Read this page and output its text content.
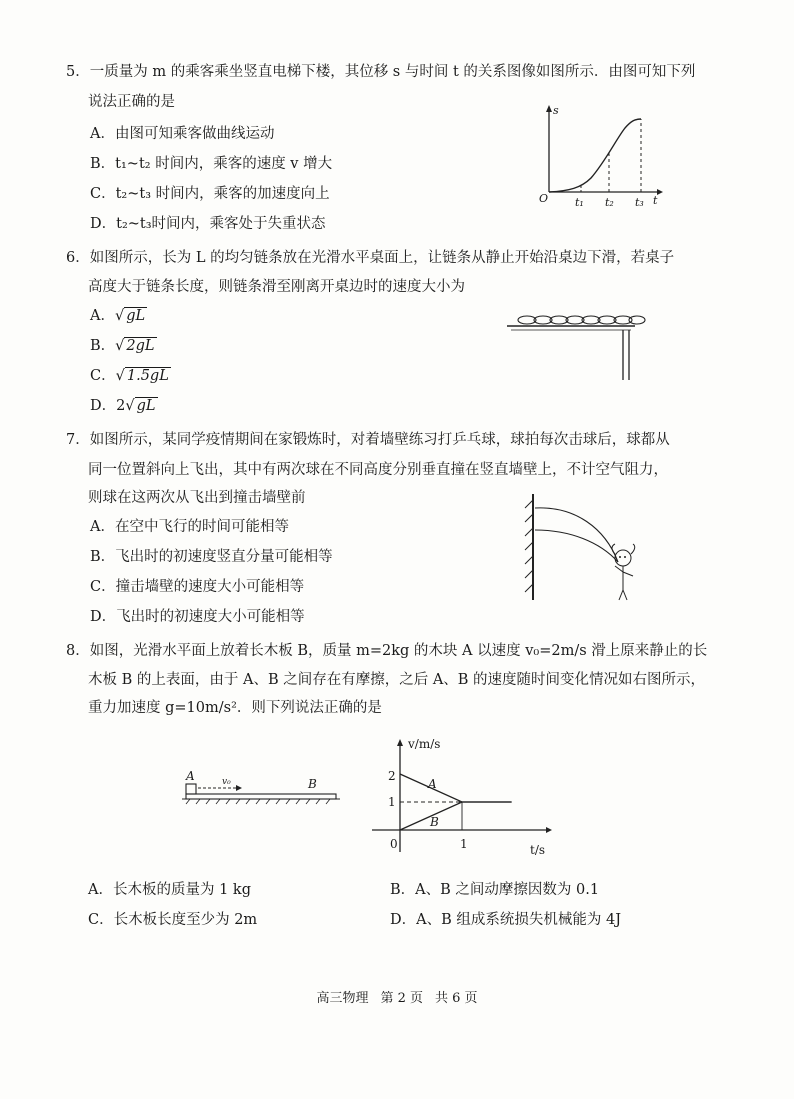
5．一质量为 m 的乘客乘坐竖直电梯下楼，其位移 s 与时间 t 的关系图像如图所示．由图可知下列
说法正确的是
A．由图可知乘客做曲线运动
B．t₁~t₂ 时间内，乘客的速度 v 增大
C．t₂~t₃ 时间内，乘客的加速度向上
D．t₂~t₃时间内，乘客处于失重状态
s
t
O t₁ t₂ t₃
6．如图所示，长为 L 的均匀链条放在光滑水平桌面上，让链条从静止开始沿桌边下滑，若桌子
高度大于链条长度，则链条滑至刚离开桌边时的速度大小为
A．√ gL
B．√ 2gL
C．√ 1.5gL
D．2√ gL
7．如图所示，某同学疫情期间在家锻炼时，对着墙壁练习打乒乓球，球拍每次击球后，球都从
同一位置斜向上飞出，其中有两次球在不同高度分别垂直撞在竖直墙壁上，不计空气阻力，
则球在这两次从飞出到撞击墙壁前
A．在空中飞行的时间可能相等
B．飞出时的初速度竖直分量可能相等
C．撞击墙壁的速度大小可能相等
D．飞出时的初速度大小可能相等
8．如图，光滑水平面上放着长木板 B，质量 m=2kg 的木块 A 以速度 v₀=2m/s 滑上原来静止的长
木板 B 的上表面，由于 A、B 之间存在有摩擦，之后 A、B 的速度随时间变化情况如右图所示，
重力加速度 g=10m/s²．则下列说法正确的是
A	v₀	B
v/m/s
t/s
0
2
1
1
A
B
A．长木板的质量为 1 kg	B．A、B 之间动摩擦因数为 0.1
C．长木板长度至少为 2m	D．A、B 组成系统损失机械能为 4J
高三物理 第 2 页 共 6 页
